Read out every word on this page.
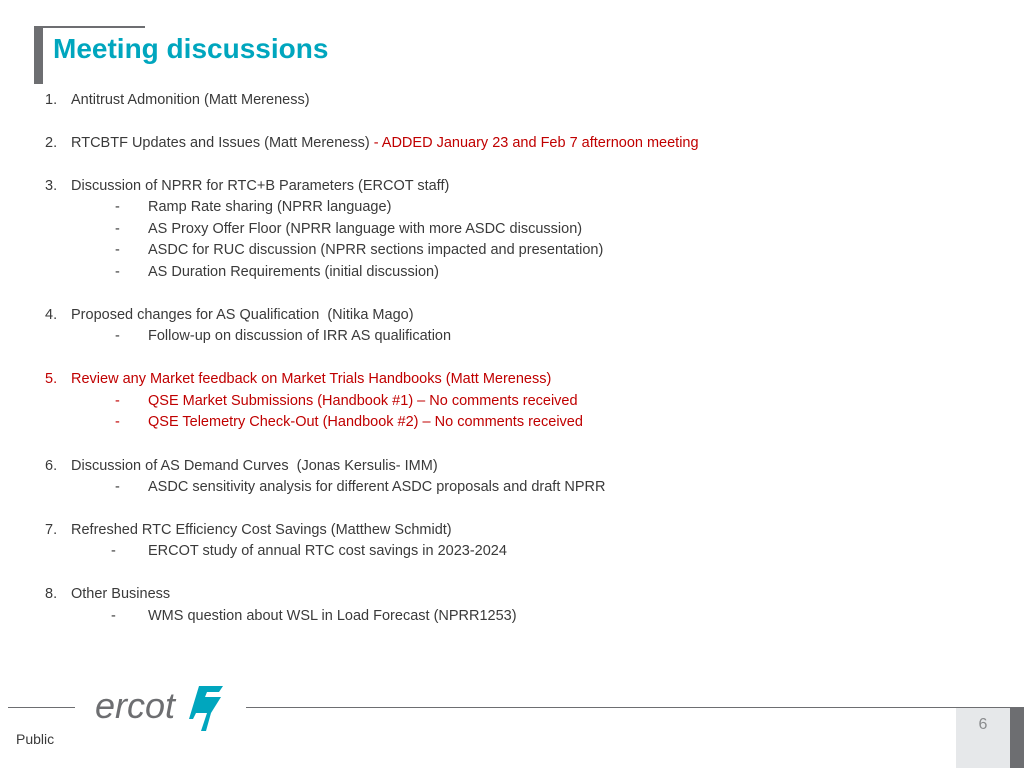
Meeting discussions
1. Antitrust Admonition (Matt Mereness)
2. RTCBTF Updates and Issues (Matt Mereness) - ADDED January 23 and Feb 7 afternoon meeting
3. Discussion of NPRR for RTC+B Parameters (ERCOT staff)
- Ramp Rate sharing (NPRR language)
- AS Proxy Offer Floor (NPRR language with more ASDC discussion)
- ASDC for RUC discussion (NPRR sections impacted and presentation)
- AS Duration Requirements (initial discussion)
4. Proposed changes for AS Qualification  (Nitika Mago)
- Follow-up on discussion of IRR AS qualification
5. Review any Market feedback on Market Trials Handbooks (Matt Mereness)
- QSE Market Submissions (Handbook #1) – No comments received
- QSE Telemetry Check-Out (Handbook #2) – No comments received
6. Discussion of AS Demand Curves  (Jonas Kersulis- IMM)
- ASDC sensitivity analysis for different ASDC proposals and draft NPRR
7. Refreshed RTC Efficiency Cost Savings (Matthew Schmidt)
- ERCOT study of annual RTC cost savings in 2023-2024
8. Other Business
- WMS question about WSL in Load Forecast (NPRR1253)
ercot
Public
6
